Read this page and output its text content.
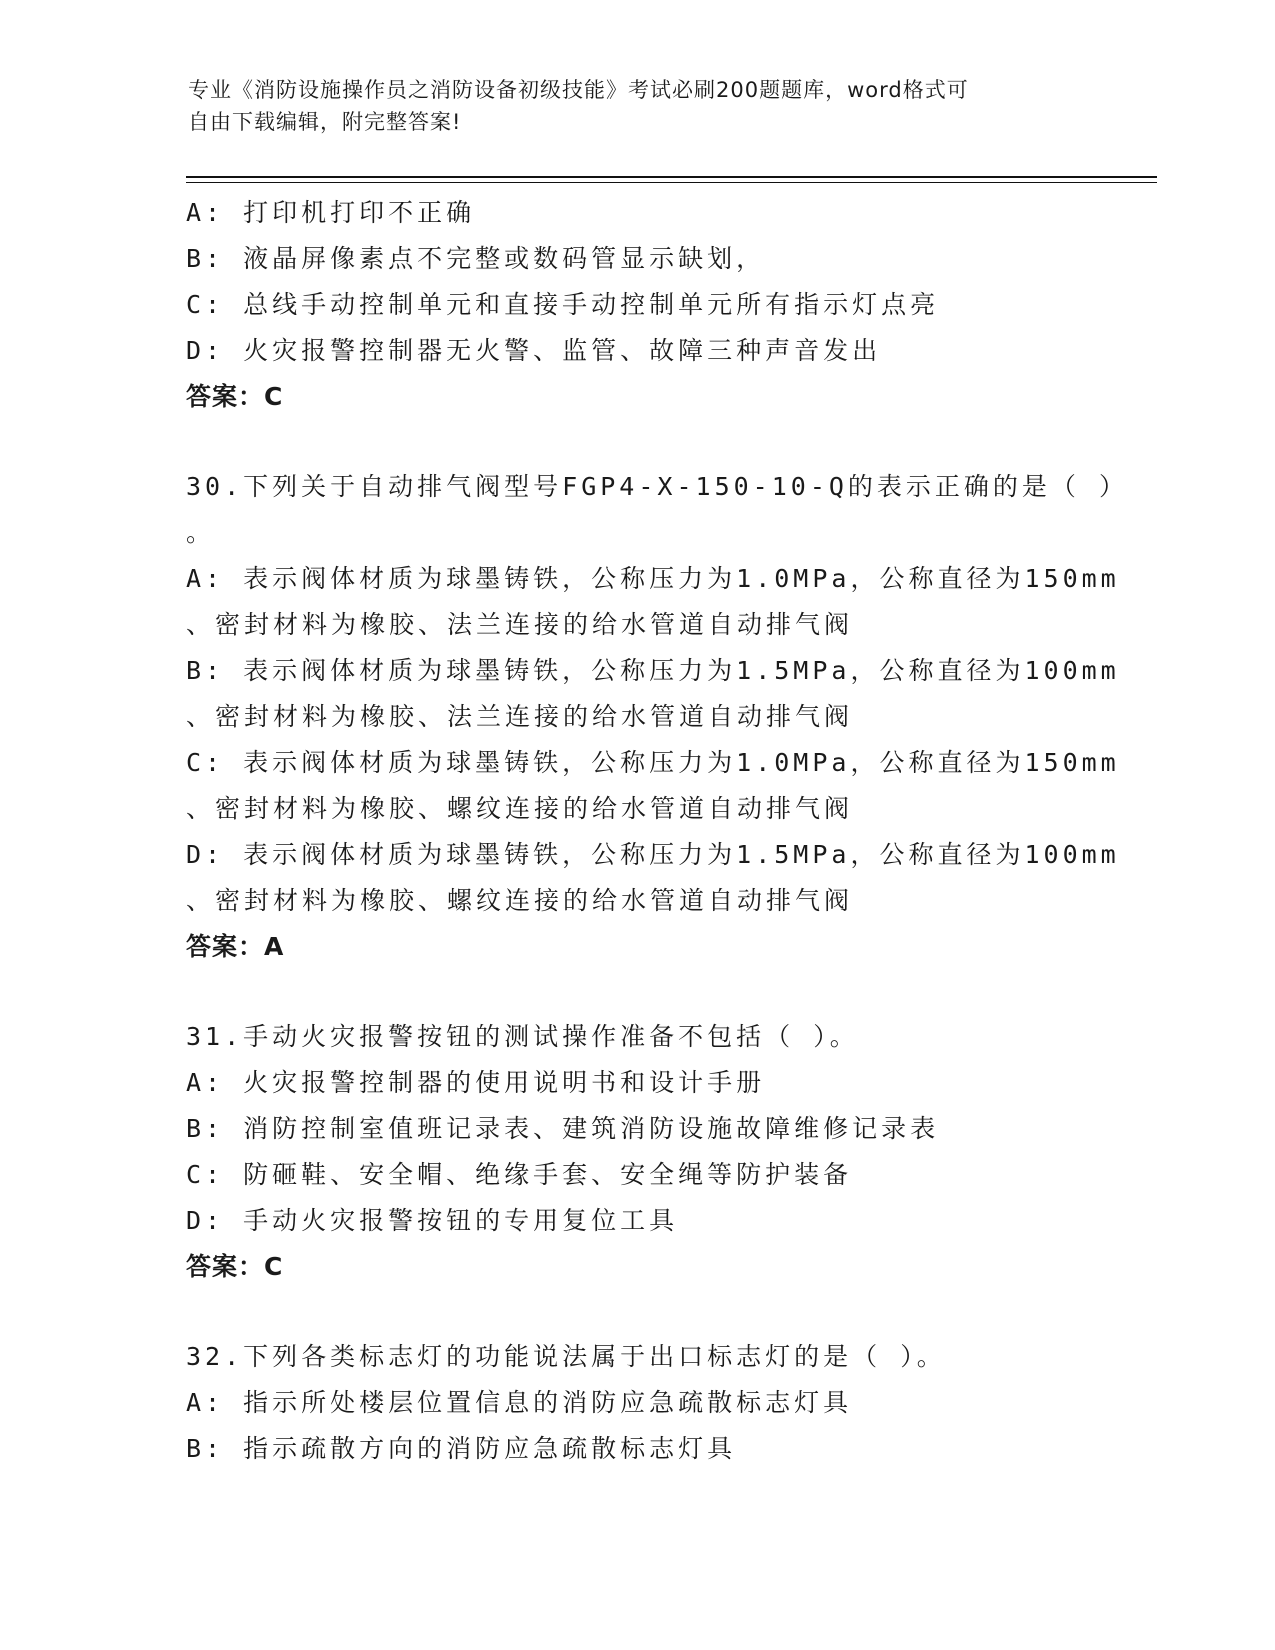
专业《消防设施操作员之消防设备初级技能》考试必刷200题题库，word格式可
自由下载编辑，附完整答案!
A: 打印机打印不正确
B: 液晶屏像素点不完整或数码管显示缺划，
C: 总线手动控制单元和直接手动控制单元所有指示灯点亮
D: 火灾报警控制器无火警、监管、故障三种声音发出
答案：C
30.下列关于自动排气阀型号FGP4-X-150-10-Q的表示正确的是（ ）
。
A: 表示阀体材质为球墨铸铁，公称压力为1.0MPa，公称直径为150mm
、密封材料为橡胶、法兰连接的给水管道自动排气阀
B: 表示阀体材质为球墨铸铁，公称压力为1.5MPa，公称直径为100mm
、密封材料为橡胶、法兰连接的给水管道自动排气阀
C: 表示阀体材质为球墨铸铁，公称压力为1.0MPa，公称直径为150mm
、密封材料为橡胶、螺纹连接的给水管道自动排气阀
D: 表示阀体材质为球墨铸铁，公称压力为1.5MPa，公称直径为100mm
、密封材料为橡胶、螺纹连接的给水管道自动排气阀
答案：A
31.手动火灾报警按钮的测试操作准备不包括（ ）。
A: 火灾报警控制器的使用说明书和设计手册
B: 消防控制室值班记录表、建筑消防设施故障维修记录表
C: 防砸鞋、安全帽、绝缘手套、安全绳等防护装备
D: 手动火灾报警按钮的专用复位工具
答案：C
32.下列各类标志灯的功能说法属于出口标志灯的是（ ）。
A: 指示所处楼层位置信息的消防应急疏散标志灯具
B: 指示疏散方向的消防应急疏散标志灯具
